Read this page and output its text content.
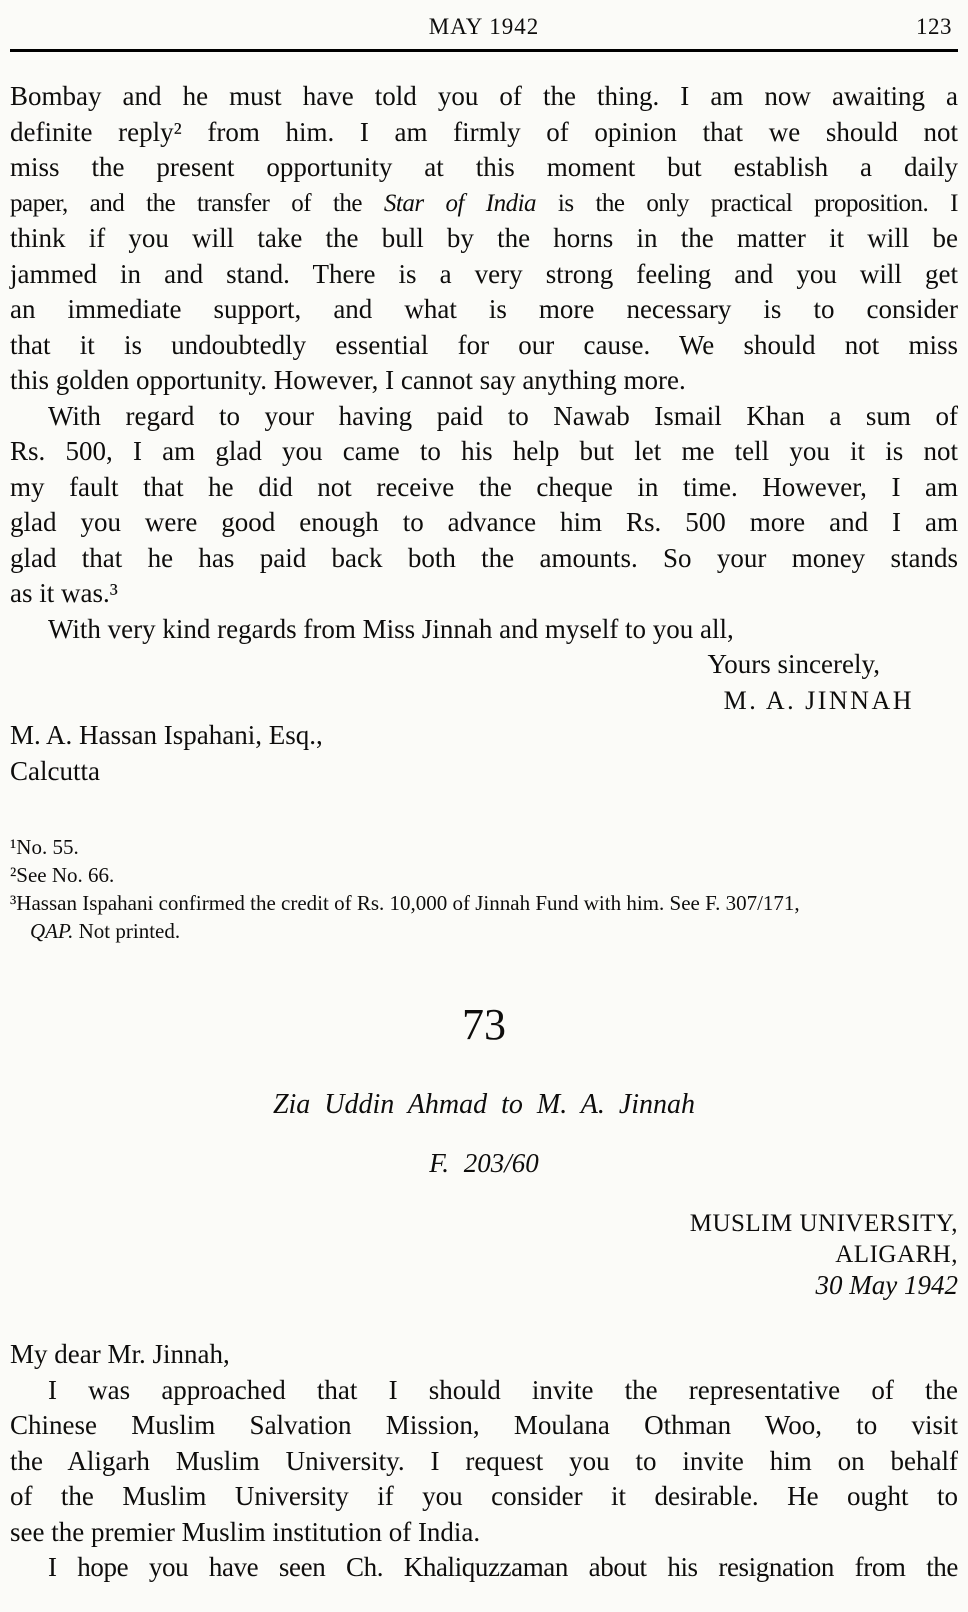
MAY 1942	123
Bombay and he must have told you of the thing. I am now awaiting a
definite reply² from him. I am firmly of opinion that we should not
miss the present opportunity at this moment but establish a daily
paper, and the transfer of the Star of India is the only practical proposition. I
think if you will take the bull by the horns in the matter it will be
jammed in and stand. There is a very strong feeling and you will get
an immediate support, and what is more necessary is to consider
that it is undoubtedly essential for our cause. We should not miss
this golden opportunity. However, I cannot say anything more.
With regard to your having paid to Nawab Ismail Khan a sum of
Rs. 500, I am glad you came to his help but let me tell you it is not
my fault that he did not receive the cheque in time. However, I am
glad you were good enough to advance him Rs. 500 more and I am
glad that he has paid back both the amounts. So your money stands
as it was.³
With very kind regards from Miss Jinnah and myself to you all,
Yours sincerely,
M. A. JINNAH
M. A. Hassan Ispahani, Esq.,
Calcutta
¹No. 55.
²See No. 66.
³Hassan Ispahani confirmed the credit of Rs. 10,000 of Jinnah Fund with him. See F. 307/171,
QAP. Not printed.
73
Zia Uddin Ahmad to M. A. Jinnah
F. 203/60
MUSLIM UNIVERSITY,
ALIGARH,
30 May 1942
My dear Mr. Jinnah,
I was approached that I should invite the representative of the
Chinese Muslim Salvation Mission, Moulana Othman Woo, to visit
the Aligarh Muslim University. I request you to invite him on behalf
of the Muslim University if you consider it desirable. He ought to
see the premier Muslim institution of India.
I hope you have seen Ch. Khaliquzzaman about his resignation from the
